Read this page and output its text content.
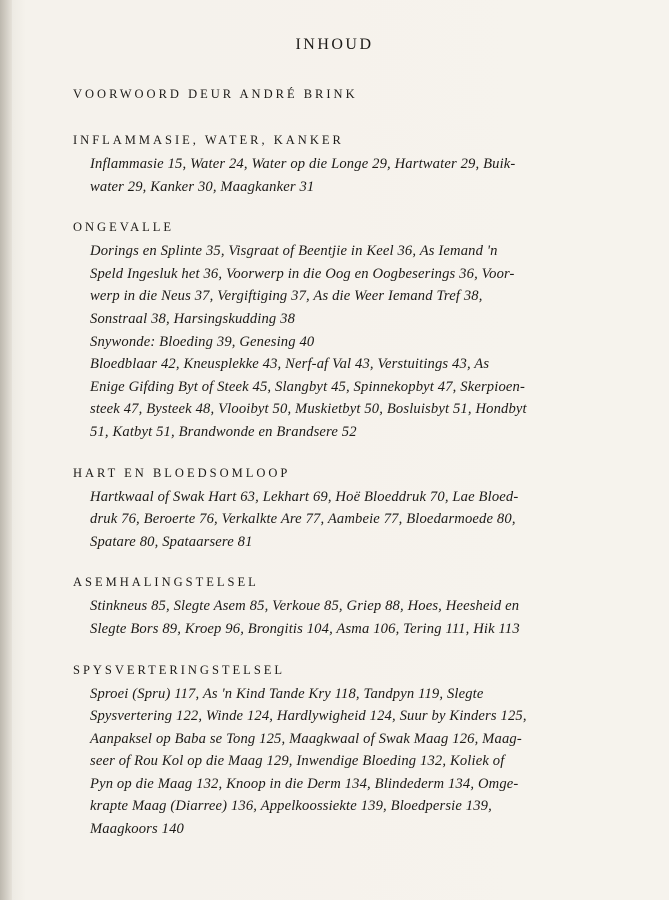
INHOUD
VOORWOORD DEUR ANDRÉ BRINK
INFLAMMASIE, WATER, KANKER

Inflammasie 15, Water 24, Water op die Longe 29, Hartwater 29, Buik-

water 29, Kanker 30, Maagkanker 31

ONGEVALLE

Dorings en Splinte 35, Visgraat of Beentjie in Keel 36, As Iemand 'n

Speld Ingesluk het 36, Voorwerp in die Oog en Oogbeserings 36, Voor-

werp in die Neus 37, Vergiftiging 37, As die Weer Iemand Tref 38,

Sonstraal 38, Harsingskudding 38

Snywonde: Bloeding 39, Genesing 40

Bloedblaar 42, Kneusplekke 43, Nerf-af Val 43, Verstuitings 43, As

Enige Gifding Byt of Steek 45, Slangbyt 45, Spinnekopbyt 47, Skerpioen-

steek 47, Bysteek 48, Vlooibyt 50, Muskietbyt 50, Bosluisbyt 51, Hondbyt

51, Katbyt 51, Brandwonde en Brandsere 52

HART EN BLOEDSOMLOOP

Hartkwaal of Swak Hart 63, Lekhart 69, Hoë Bloeddruk 70, Lae Bloed-

druk 76, Beroerte 76, Verkalkte Are 77, Aambeie 77, Bloedarmoede 80,

Spatare 80, Spataarsere 81

ASEMHALINGSTELSEL

Stinkneus 85, Slegte Asem 85, Verkoue 85, Griep 88, Hoes, Heesheid en

Slegte Bors 89, Kroep 96, Brongitis 104, Asma 106, Tering 111, Hik 113

SPYSVERTERINGSTELSEL

Sproei (Spru) 117, As 'n Kind Tande Kry 118, Tandpyn 119, Slegte

Spysvertering 122, Winde 124, Hardlywigheid 124, Suur by Kinders 125,

Aanpaksel op Baba se Tong 125, Maagkwaal of Swak Maag 126, Maag-

seer of Rou Kol op die Maag 129, Inwendige Bloeding 132, Koliek of

Pyn op die Maag 132, Knoop in die Derm 134, Blindederm 134, Omge-

krapte Maag (Diarree) 136, Appelkoossiekte 139, Bloedpersie 139,

Maagkoors 140
